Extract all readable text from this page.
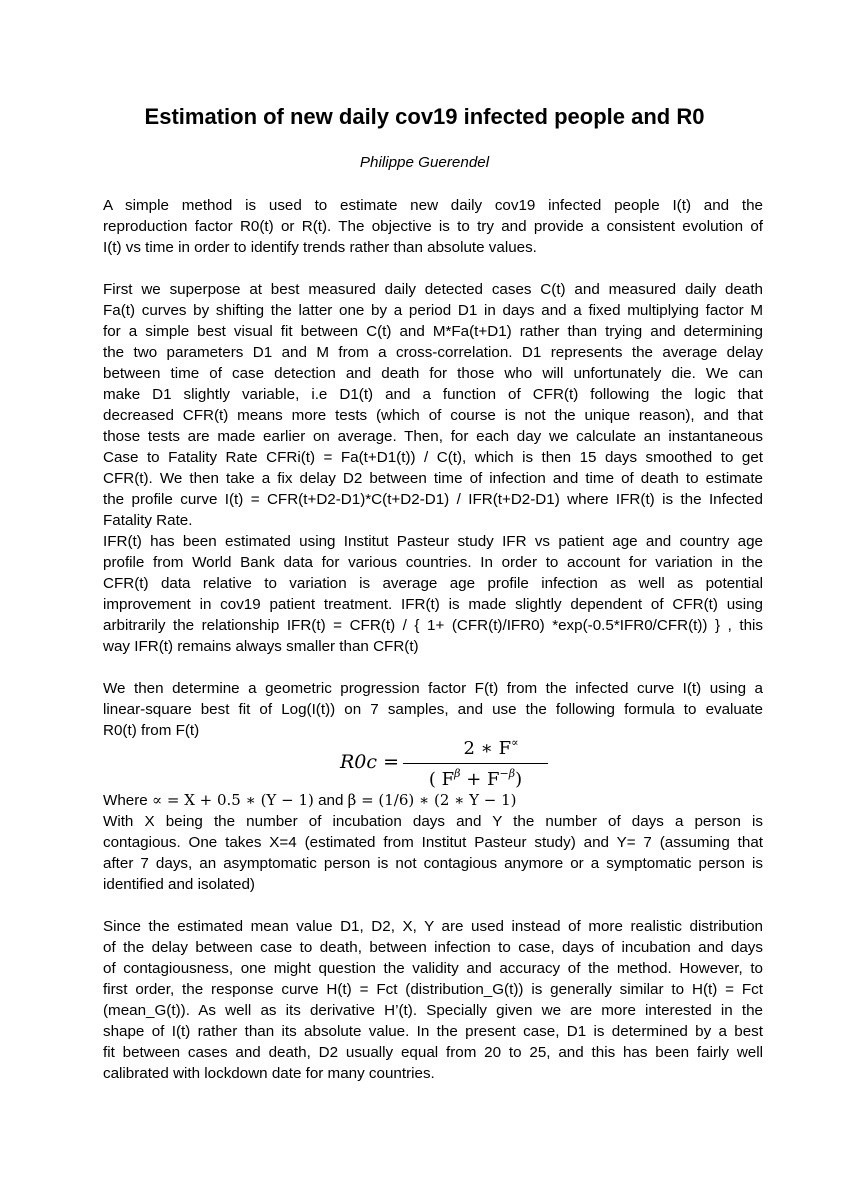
Estimation of new daily cov19 infected people and R0
Philippe Guerendel
A simple method is used to estimate new daily cov19 infected people I(t) and the
reproduction factor R0(t) or R(t). The objective is to try and provide a consistent evolution of
I(t) vs time in order to identify trends rather than absolute values.
First we superpose at best measured daily detected cases C(t) and measured daily death
Fa(t) curves by shifting the latter one by a period D1 in days and a fixed multiplying factor M
for a simple best visual fit between C(t) and M*Fa(t+D1) rather than trying and determining
the two parameters D1 and M from a cross-correlation. D1 represents the average delay
between time of case detection and death for those who will unfortunately die. We can
make D1 slightly variable, i.e D1(t) and a function of CFR(t) following the logic that
decreased CFR(t) means more tests (which of course is not the unique reason), and that
those tests are made earlier on average. Then, for each day we calculate an instantaneous
Case to Fatality Rate CFRi(t) = Fa(t+D1(t)) / C(t), which is then 15 days smoothed to get
CFR(t). We then take a fix delay D2 between time of infection and time of death to estimate
the profile curve I(t) = CFR(t+D2-D1)*C(t+D2-D1) / IFR(t+D2-D1) where IFR(t) is the Infected
Fatality Rate.
IFR(t) has been estimated using Institut Pasteur study IFR vs patient age and country age
profile from World Bank data for various countries. In order to account for variation in the
CFR(t) data relative to variation is average age profile infection as well as potential
improvement in cov19 patient treatment. IFR(t) is made slightly dependent of CFR(t) using
arbitrarily the relationship IFR(t) = CFR(t) / { 1+ (CFR(t)/IFR0) *exp(-0.5*IFR0/CFR(t)) } , this
way IFR(t) remains always smaller than CFR(t)
We then determine a geometric progression factor F(t) from the infected curve I(t) using a
linear-square best fit of Log(I(t)) on 7 samples, and use the following formula to evaluate
R0(t) from F(t)
R0c =
2 ∗ F∝
( $F^\beta + F^{-\beta}$)
Where ∝ = X + 0.5 ∗ (Y − 1) and β = (1/6) ∗ (2 ∗ Y − 1)
With X being the number of incubation days and Y the number of days a person is
contagious. One takes X=4 (estimated from Institut Pasteur study) and Y= 7 (assuming that
after 7 days, an asymptomatic person is not contagious anymore or a symptomatic person is
identified and isolated)
Since the estimated mean value D1, D2, X, Y are used instead of more realistic distribution
of the delay between case to death, between infection to case, days of incubation and days
of contagiousness, one might question the validity and accuracy of the method. However, to
first order, the response curve H(t) = Fct (distribution_G(t)) is generally similar to H(t) = Fct
(mean_G(t)). As well as its derivative H’(t). Specially given we are more interested in the
shape of I(t) rather than its absolute value. In the present case, D1 is determined by a best
fit between cases and death, D2 usually equal from 20 to 25, and this has been fairly well
calibrated with lockdown date for many countries.
